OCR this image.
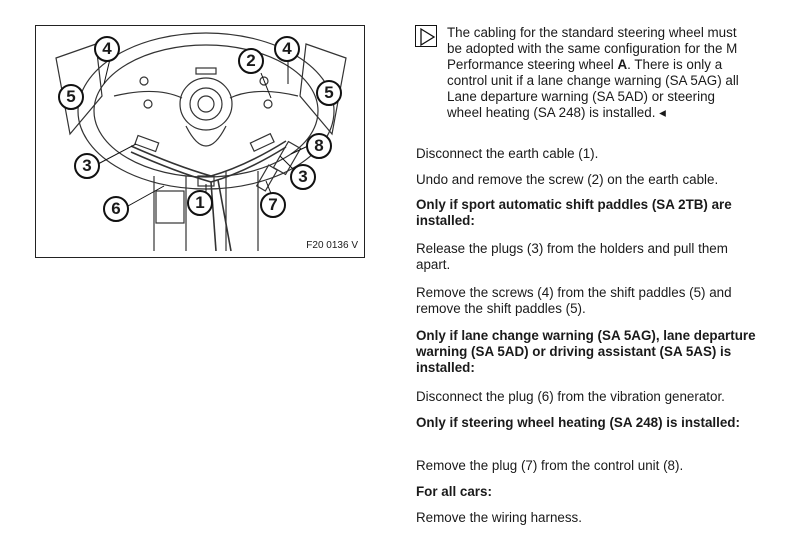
4
5
3
6	1
2
4
5
8
3
7
F20 0136 V
The cabling for the standard steering wheel must be adopted with the same configuration for the M Performance steering wheel A. There is only a control unit if a lane change warning (SA 5AG) all Lane departure warning (SA 5AD) or steering wheel heating (SA 248) is installed. ◂
Disconnect the earth cable (1).
Undo and remove the screw (2) on the earth cable.
Only if sport automatic shift paddles (SA 2TB) are installed:
Release the plugs (3) from the holders and pull them apart.
Remove the screws (4) from the shift paddles (5) and remove the shift paddles (5).
Only if lane change warning (SA 5AG), lane departure warning (SA 5AD) or driving assistant (SA 5AS) is installed:
Disconnect the plug (6) from the vibration generator.
Only if steering wheel heating (SA 248) is installed:
Remove the plug (7) from the control unit (8).
For all cars:
Remove the wiring harness.
